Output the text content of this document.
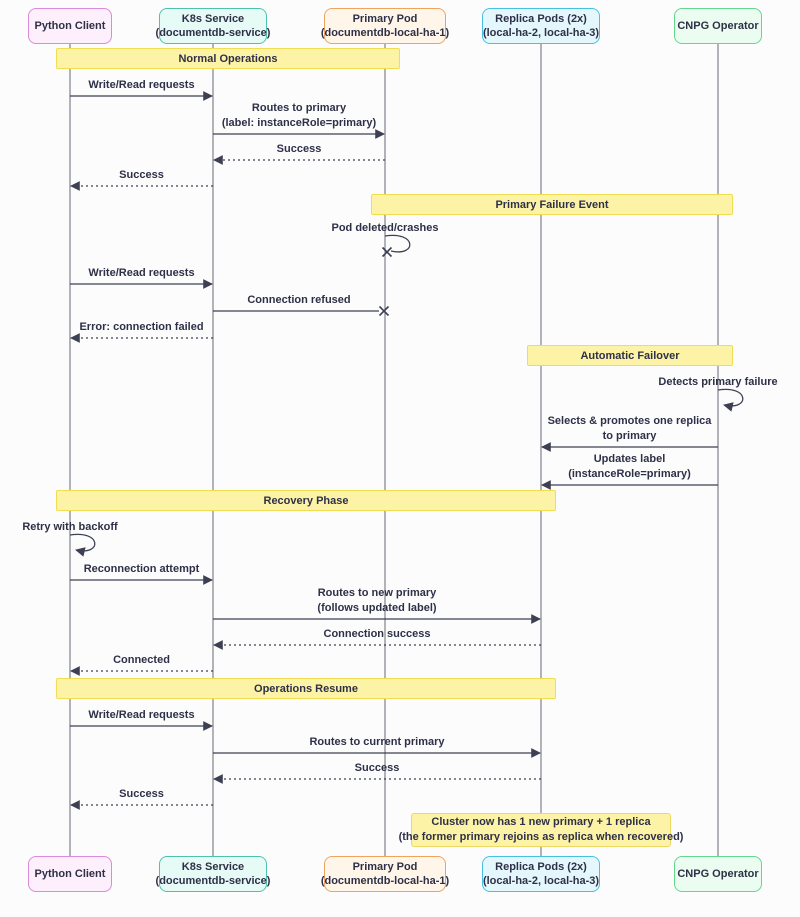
Normal Operations
Write/Read requests
Routes to primary
(label: instanceRole=primary)
Success
Success
Primary Failure Event
Pod deleted/crashes
Write/Read requests
Connection refused
Error: connection failed
Automatic Failover
Detects primary failure
Selects & promotes one replica
to primary
Updates label
(instanceRole=primary)
Recovery Phase
Retry with backoff
Reconnection attempt
Routes to new primary
(follows updated label)
Connection success
Connected
Operations Resume
Write/Read requests
Routes to current primary
Success
Success
Cluster now has 1 new primary + 1 replica
(the former primary rejoins as replica when recovered)
Python Client
Python Client
K8s Service
(documentdb-service)
K8s Service
(documentdb-service)
Primary Pod
(documentdb-local-ha-1)
Primary Pod
(documentdb-local-ha-1)
Replica Pods (2x)
(local-ha-2, local-ha-3)
Replica Pods (2x)
(local-ha-2, local-ha-3)
CNPG Operator
CNPG Operator
